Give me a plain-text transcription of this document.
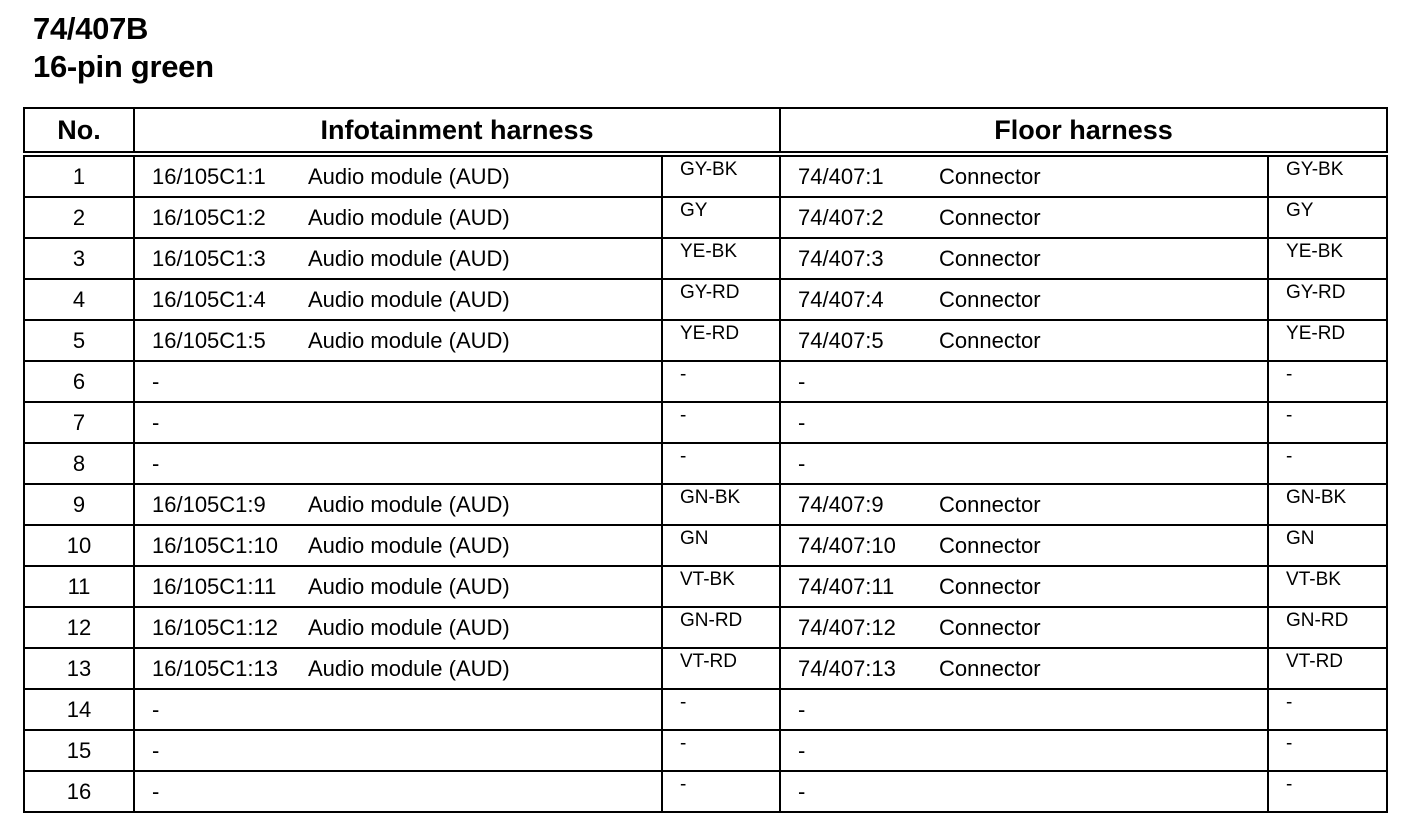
74/407B
16-pin green
No.	Infotainment harness		Floor harness	
1	16/105C1:1 Audio module (AUD)	GY-BK	74/407:1 Connector	GY-BK
2	16/105C1:2 Audio module (AUD)	GY	74/407:2 Connector	GY
3	16/105C1:3 Audio module (AUD)	YE-BK	74/407:3 Connector	YE-BK
4	16/105C1:4 Audio module (AUD)	GY-RD	74/407:4 Connector	GY-RD
5	16/105C1:5 Audio module (AUD)	YE-RD	74/407:5 Connector	YE-RD
6	-	-	-	-
7	-	-	-	-
8	-	-	-	-
9	16/105C1:9 Audio module (AUD)	GN-BK	74/407:9 Connector	GN-BK
10	16/105C1:10 Audio module (AUD)	GN	74/407:10 Connector	GN
11	16/105C1:11 Audio module (AUD)	VT-BK	74/407:11 Connector	VT-BK
12	16/105C1:12 Audio module (AUD)	GN-RD	74/407:12 Connector	GN-RD
13	16/105C1:13 Audio module (AUD)	VT-RD	74/407:13 Connector	VT-RD
14	-	-	-	-
15	-	-	-	-
16	-	-	-	-
